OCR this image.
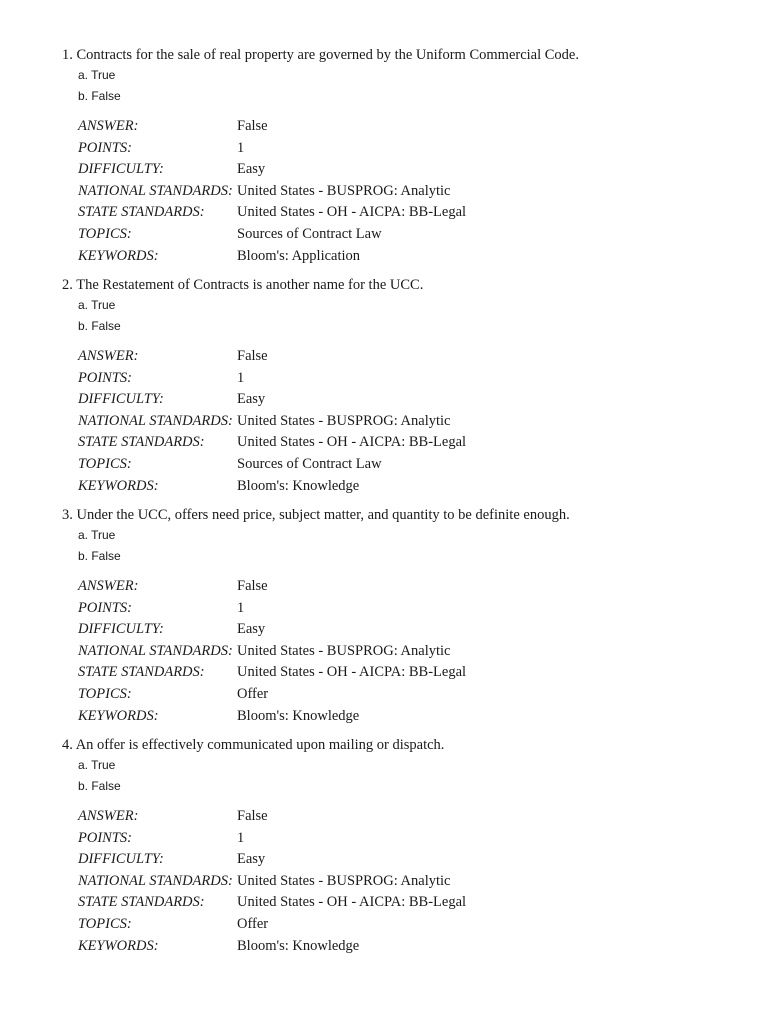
1. Contracts for the sale of real property are governed by the Uniform Commercial Code.
a. True
b. False
ANSWER:	False
POINTS:	1
DIFFICULTY:	Easy
NATIONAL STANDARDS: United States - BUSPROG: Analytic
STATE STANDARDS:	United States - OH - AICPA: BB-Legal
TOPICS:	Sources of Contract Law
KEYWORDS:	Bloom's: Application
2. The Restatement of Contracts is another name for the UCC.
a. True
b. False
ANSWER:	False
POINTS:	1
DIFFICULTY:	Easy
NATIONAL STANDARDS: United States - BUSPROG: Analytic
STATE STANDARDS:	United States - OH - AICPA: BB-Legal
TOPICS:	Sources of Contract Law
KEYWORDS:	Bloom's: Knowledge
3. Under the UCC, offers need price, subject matter, and quantity to be definite enough.
a. True
b. False
ANSWER:	False
POINTS:	1
DIFFICULTY:	Easy
NATIONAL STANDARDS: United States - BUSPROG: Analytic
STATE STANDARDS:	United States - OH - AICPA: BB-Legal
TOPICS:	Offer
KEYWORDS:	Bloom's: Knowledge
4. An offer is effectively communicated upon mailing or dispatch.
a. True
b. False
ANSWER:	False
POINTS:	1
DIFFICULTY:	Easy
NATIONAL STANDARDS: United States - BUSPROG: Analytic
STATE STANDARDS:	United States - OH - AICPA: BB-Legal
TOPICS:	Offer
KEYWORDS:	Bloom's: Knowledge
